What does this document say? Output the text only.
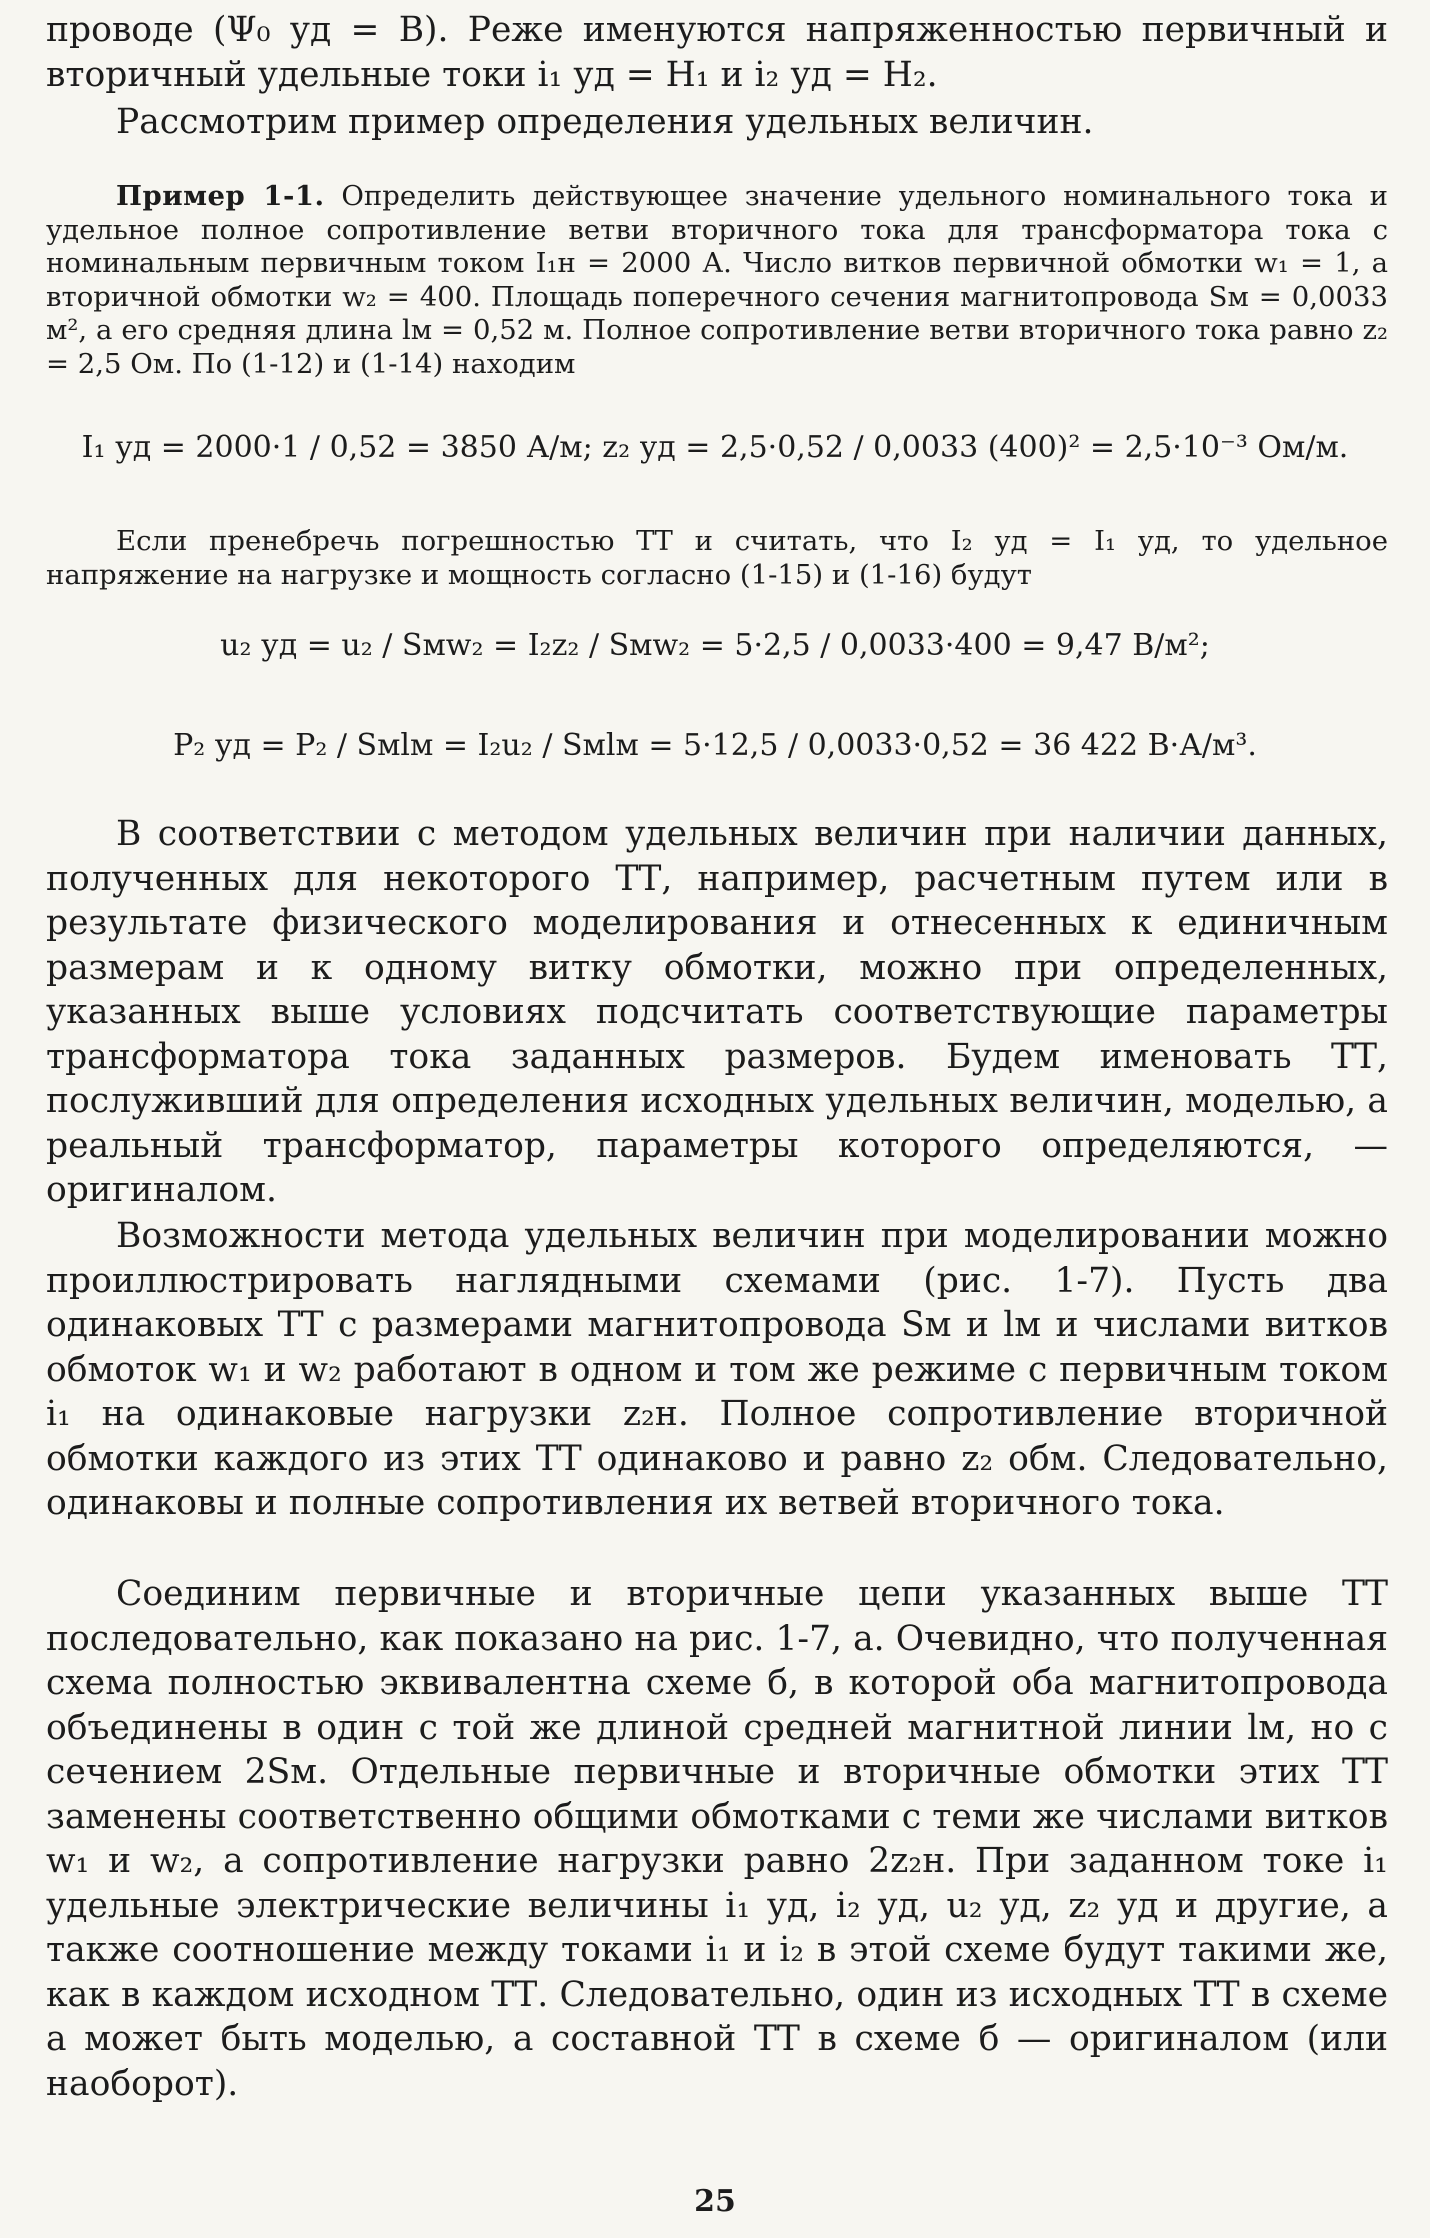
проводе (Ψ₀ уд = B). Реже именуются напряженностью первичный и вторичный удельные токи i₁ уд = H₁ и i₂ уд = H₂.

Рассмотрим пример определения удельных величин.

Пример 1-1. Определить действующее значение удельного номинального тока и удельное полное сопротивление ветви вторичного тока для трансформатора тока с номинальным первичным током I₁н = 2000 А. Число витков первичной обмотки w₁ = 1, а вторичной обмотки w₂ = 400. Площадь поперечного сечения магнитопровода Sм = 0,0033 м², а его средняя длина lм = 0,52 м. Полное сопротивление ветви вторичного тока равно z₂ = 2,5 Ом. По (1-12) и (1-14) находим

I₁ уд = 2000·1 / 0,52 = 3850 А/м; z₂ уд = 2,5·0,52 / 0,0033 (400)² = 2,5·10⁻³ Ом/м.

Если пренебречь погрешностью ТТ и считать, что I₂ уд = I₁ уд, то удельное напряжение на нагрузке и мощность согласно (1-15) и (1-16) будут

u₂ уд = u₂ / Sмw₂ = I₂z₂ / Sмw₂ = 5·2,5 / 0,0033·400 = 9,47 В/м²;
P₂ уд = P₂ / Sмlм = I₂u₂ / Sмlм = 5·12,5 / 0,0033·0,52 = 36 422 В·А/м³.

В соответствии с методом удельных величин при наличии данных, полученных для некоторого ТТ, например, расчетным путем или в результате физического моделирования и отнесенных к единичным размерам и к одному витку обмотки, можно при определенных, указанных выше условиях подсчитать соответствующие параметры трансформатора тока заданных размеров. Будем именовать ТТ, послуживший для определения исходных удельных величин, моделью, а реальный трансформатор, параметры которого определяются, — оригиналом.

Возможности метода удельных величин при моделировании можно проиллюстрировать наглядными схемами (рис. 1-7). Пусть два одинаковых ТТ с размерами магнитопровода Sм и lм и числами витков обмоток w₁ и w₂ работают в одном и том же режиме с первичным током i₁ на одинаковые нагрузки z₂н. Полное сопротивление вторичной обмотки каждого из этих ТТ одинаково и равно z₂ обм. Следовательно, одинаковы и полные сопротивления их ветвей вторичного тока.

Соединим первичные и вторичные цепи указанных выше ТТ последовательно, как показано на рис. 1-7, а. Очевидно, что полученная схема полностью эквивалентна схеме б, в которой оба магнитопровода объединены в один с той же длиной средней магнитной линии lм, но с сечением 2Sм. Отдельные первичные и вторичные обмотки этих ТТ заменены соответственно общими обмотками с теми же числами витков w₁ и w₂, а сопротивление нагрузки равно 2z₂н. При заданном токе i₁ удельные электрические величины i₁ уд, i₂ уд, u₂ уд, z₂ уд и другие, а также соотношение между токами i₁ и i₂ в этой схеме будут такими же, как в каждом исходном ТТ. Следовательно, один из исходных ТТ в схеме а может быть моделью, а составной ТТ в схеме б — оригиналом (или наоборот).

25
